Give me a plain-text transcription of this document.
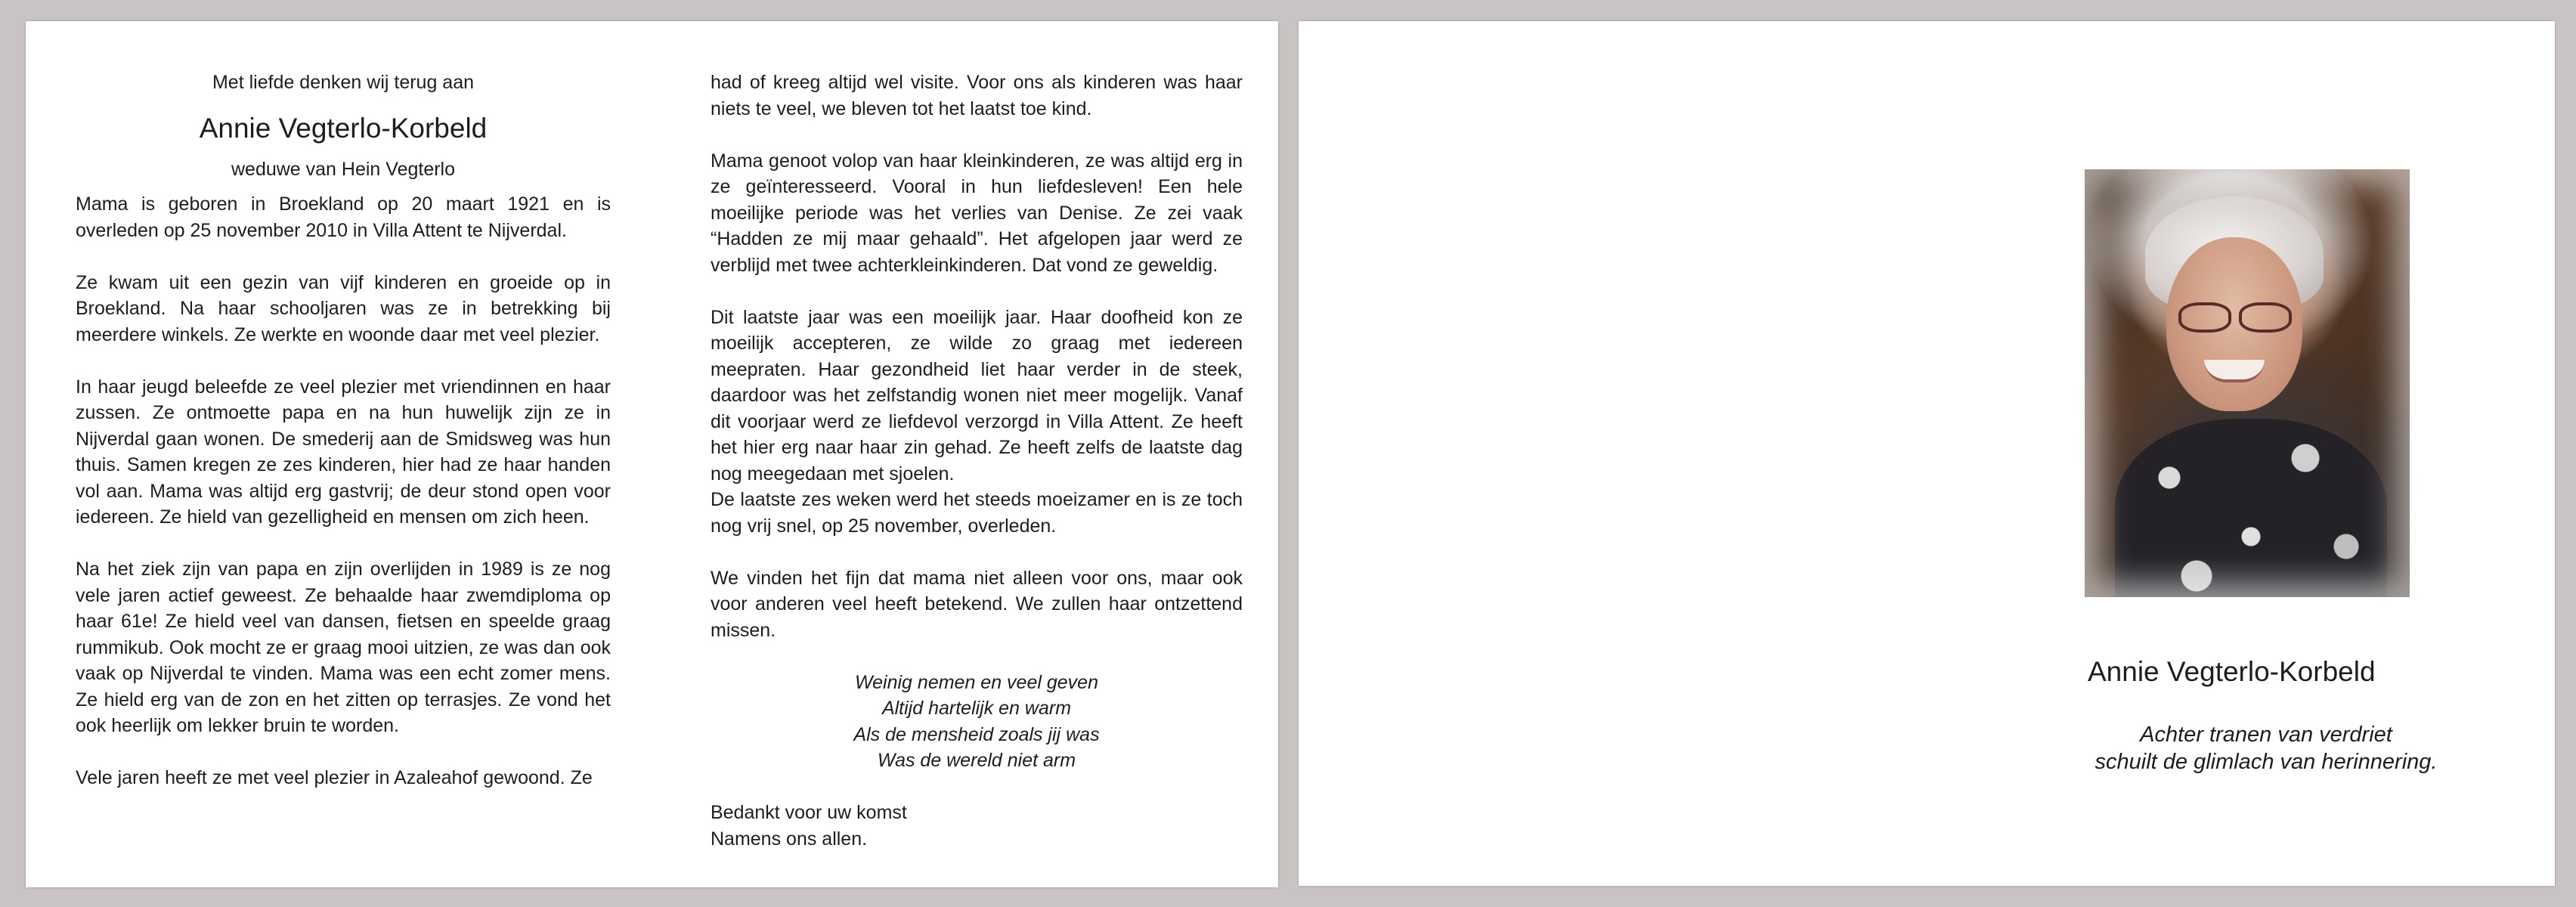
Met liefde denken wij terug aan

Annie Vegterlo-Korbeld

weduwe van Hein Vegterlo

Mama is geboren in Broekland op 20 maart 1921 en is overleden op 25 november 2010 in Villa Attent te Nijverdal.

Ze kwam uit een gezin van vijf kinderen en groeide op in Broekland. Na haar schooljaren was ze in betrekking bij meerdere winkels. Ze werkte en woonde daar met veel plezier.

In haar jeugd beleefde ze veel plezier met vriendinnen en haar zussen. Ze ontmoette papa en na hun huwelijk zijn ze in Nijverdal gaan wonen. De smederij aan de Smidsweg was hun thuis. Samen kregen ze zes kinderen, hier had ze haar handen vol aan. Mama was altijd erg gastvrij; de deur stond open voor iedereen. Ze hield van gezelligheid en mensen om zich heen.

Na het ziek zijn van papa en zijn overlijden in 1989 is ze nog vele jaren actief geweest. Ze behaalde haar zwemdiploma op haar 61e! Ze hield veel van dansen, fietsen en speelde graag rummikub. Ook mocht ze er graag mooi uitzien, ze was dan ook vaak op Nijverdal te vinden. Mama was een echt zomer mens. Ze hield erg van de zon en het zitten op terrasjes. Ze vond het ook heerlijk om lekker bruin te worden.

Vele jaren heeft ze met veel plezier in Azaleahof gewoond. Ze

had of kreeg altijd wel visite. Voor ons als kinderen was haar niets te veel, we bleven tot het laatst toe kind.

Mama genoot volop van haar kleinkinderen, ze was altijd erg in ze geïnteresseerd. Vooral in hun liefdesleven! Een hele moeilijke periode was het verlies van Denise. Ze zei vaak “Hadden ze mij maar gehaald”. Het afgelopen jaar werd ze verblijd met twee achterkleinkinderen. Dat vond ze geweldig.

Dit laatste jaar was een moeilijk jaar. Haar doofheid kon ze moeilijk accepteren, ze wilde zo graag met iedereen meepraten. Haar gezondheid liet haar verder in de steek, daardoor was het zelfstandig wonen niet meer mogelijk. Vanaf dit voorjaar werd ze liefdevol verzorgd in Villa Attent. Ze heeft het hier erg naar haar zin gehad. Ze heeft zelfs de laatste dag nog meegedaan met sjoelen.

De laatste zes weken werd het steeds moeizamer en is ze toch nog vrij snel, op 25 november, overleden.

We vinden het fijn dat mama niet alleen voor ons, maar ook voor anderen veel heeft betekend. We zullen haar ontzettend missen.

Weinig nemen en veel geven
Altijd hartelijk en warm
Als de mensheid zoals jij was
Was de wereld niet arm
Bedankt voor uw komst
Namens ons allen.
Annie Vegterlo-Korbeld
Achter tranen van verdriet
schuilt de glimlach van herinnering.
